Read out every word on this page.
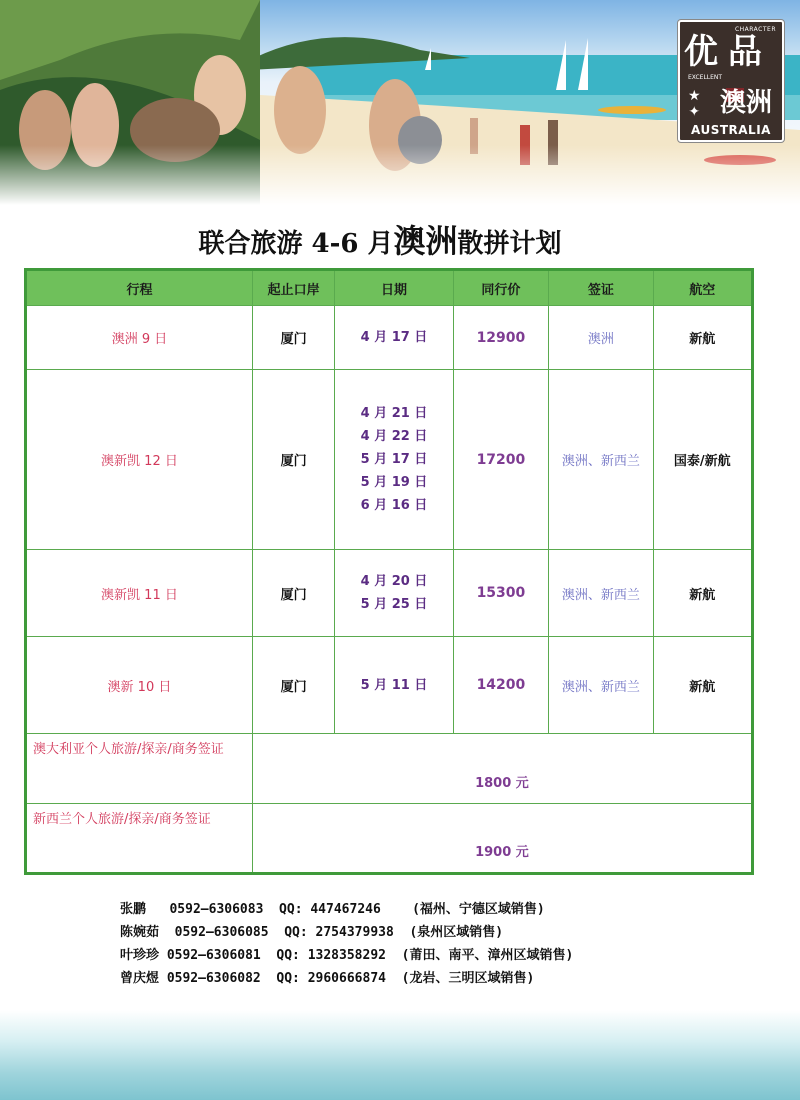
CHARACTER
优 品
EXCELLENT
★
✦ 澳洲
AUSTRALIA
联合旅游 4-6 月澳洲散拼计划
行程	起止口岸	日期	同行价	签证	航空
澳洲 9 日	厦门	4 月 17 日	12900	澳洲	新航
澳新凯 12 日	厦门	4 月 21 日
4 月 22 日
5 月 17 日
5 月 19 日
6 月 16 日	17200	澳洲、新西兰	国泰/新航
澳新凯 11 日	厦门	4 月 20 日
5 月 25 日	15300	澳洲、新西兰	新航
澳新 10 日	厦门	5 月 11 日	14200	澳洲、新西兰	新航
澳大利亚个人旅游/探亲/商务签证	1800 元				
新西兰个人旅游/探亲/商务签证	1900 元				
张鹏   0592—6306083  QQ: 447467246    (福州、宁德区域销售)
陈婉茹  0592—6306085  QQ: 2754379938  (泉州区域销售)
叶珍珍 0592—6306081  QQ: 1328358292  (莆田、南平、漳州区域销售)
曾庆煜 0592—6306082  QQ: 2960666874  (龙岩、三明区域销售)
